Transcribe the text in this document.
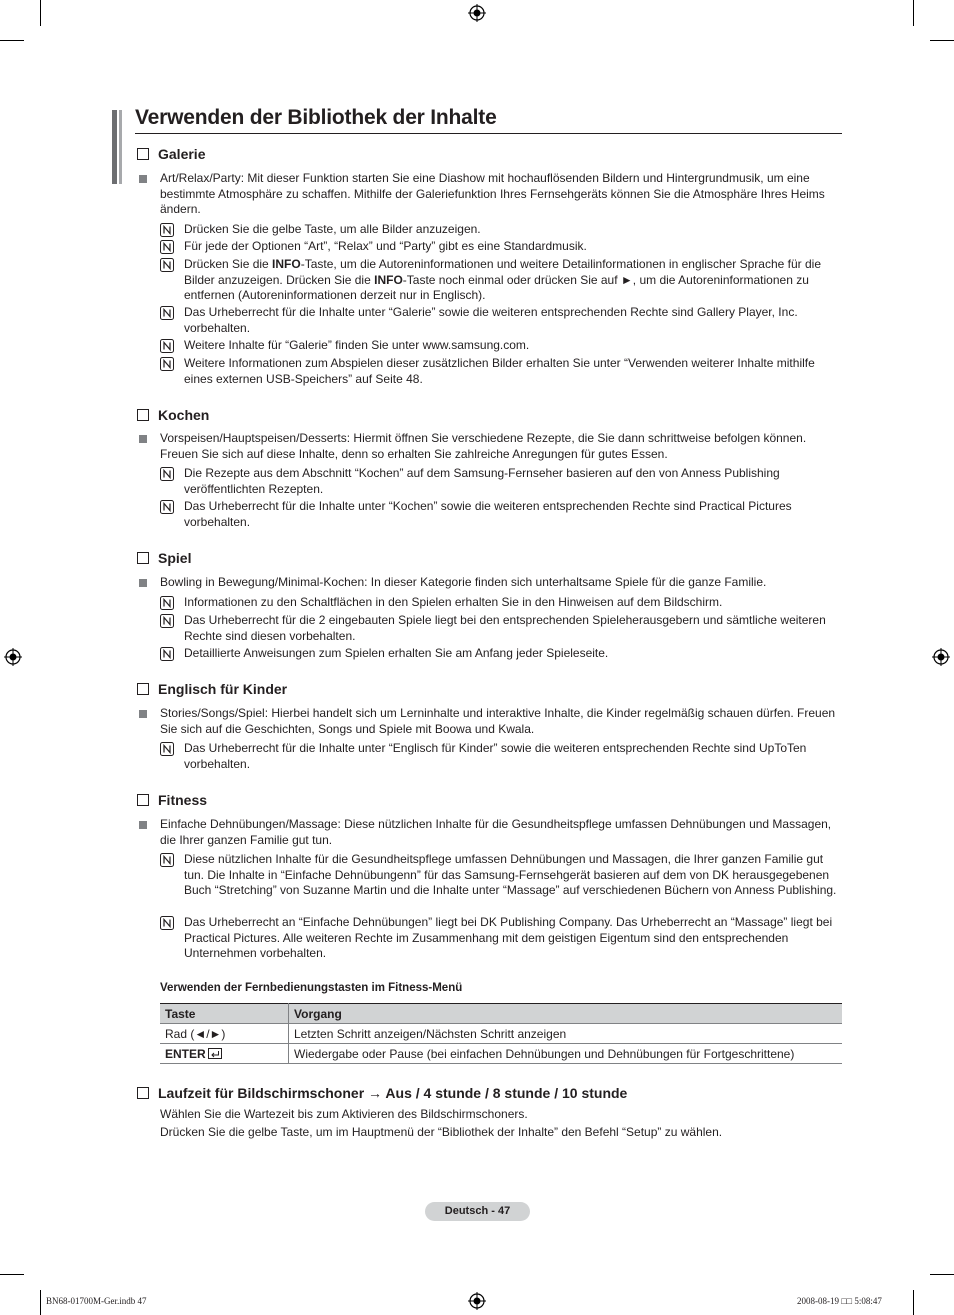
Verwenden der Bibliothek der Inhalte
Galerie
Art/Relax/Party: Mit dieser Funktion starten Sie eine Diashow mit hochauflösenden Bildern und Hintergrundmusik, um eine bestimmte Atmosphäre zu schaffen. Mithilfe der Galeriefunktion Ihres Fernsehgeräts können Sie die Atmosphäre Ihres Heims ändern.
Drücken Sie die gelbe Taste, um alle Bilder anzuzeigen.
Für jede der Optionen “Art”, “Relax” und “Party” gibt es eine Standardmusik.
Drücken Sie die INFO-Taste, um die Autoreninformationen und weitere Detailinformationen in englischer Sprache für die Bilder anzuzeigen. Drücken Sie die INFO-Taste noch einmal oder drücken Sie auf ►, um die Autoreninformationen zu entfernen (Autoreninformationen derzeit nur in Englisch).
Das Urheberrecht für die Inhalte unter “Galerie” sowie die weiteren entsprechenden Rechte sind Gallery Player, Inc. vorbehalten.
Weitere Inhalte für “Galerie” finden Sie unter www.samsung.com.
Weitere Informationen zum Abspielen dieser zusätzlichen Bilder erhalten Sie unter “Verwenden weiterer Inhalte mithilfe eines externen USB-Speichers” auf Seite 48.
Kochen
Vorspeisen/Hauptspeisen/Desserts: Hiermit öffnen Sie verschiedene Rezepte, die Sie dann schrittweise befolgen können. Freuen Sie sich auf diese Inhalte, denn so erhalten Sie zahlreiche Anregungen für gutes Essen.
Die Rezepte aus dem Abschnitt “Kochen” auf dem Samsung-Fernseher basieren auf den von Anness Publishing veröffentlichten Rezepten.
Das Urheberrecht für die Inhalte unter “Kochen” sowie die weiteren entsprechenden Rechte sind Practical Pictures vorbehalten.
Spiel
Bowling in Bewegung/Minimal-Kochen: In dieser Kategorie finden sich unterhaltsame Spiele für die ganze Familie.
Informationen zu den Schaltflächen in den Spielen erhalten Sie in den Hinweisen auf dem Bildschirm.
Das Urheberrecht für die 2 eingebauten Spiele liegt bei den entsprechenden Spieleherausgebern und sämtliche weiteren Rechte sind diesen vorbehalten.
Detaillierte Anweisungen zum Spielen erhalten Sie am Anfang jeder Spieleseite.
Englisch für Kinder
Stories/Songs/Spiel: Hierbei handelt sich um Lerninhalte und interaktive Inhalte, die Kinder regelmäßig schauen dürfen. Freuen Sie sich auf die Geschichten, Songs und Spiele mit Boowa und Kwala.
Das Urheberrecht für die Inhalte unter “Englisch für Kinder” sowie die weiteren entsprechenden Rechte sind UpToTen vorbehalten.
Fitness
Einfache Dehnübungen/Massage: Diese nützlichen Inhalte für die Gesundheitspflege umfassen Dehnübungen und Massagen, die Ihrer ganzen Familie gut tun.
Diese nützlichen Inhalte für die Gesundheitspflege umfassen Dehnübungen und Massagen, die Ihrer ganzen Familie gut tun. Die Inhalte in “Einfache Dehnübungenn” für das Samsung-Fernsehgerät basieren auf dem von DK herausgegebenen Buch “Stretching” von Suzanne Martin und die Inhalte unter “Massage” auf verschiedenen Büchern von Anness Publishing.
Das Urheberrecht an “Einfache Dehnübungen” liegt bei DK Publishing Company. Das Urheberrecht an “Massage” liegt bei Practical Pictures. Alle weiteren Rechte im Zusammenhang mit dem geistigen Eigentum sind den entsprechenden Unternehmen vorbehalten.
Verwenden der Fernbedienungstasten im Fitness-Menü
Taste	Vorgang
Rad (◄/►)	Letzten Schritt anzeigen/Nächsten Schritt anzeigen
ENTER	Wiedergabe oder Pause (bei einfachen Dehnübungen und Dehnübungen für Fortgeschrittene)
Laufzeit für Bildschirmschoner → Aus / 4 stunde / 8 stunde / 10 stunde
Wählen Sie die Wartezeit bis zum Aktivieren des Bildschirmschoners.
Drücken Sie die gelbe Taste, um im Hauptmenü der “Bibliothek der Inhalte” den Befehl “Setup” zu wählen.
Deutsch - 47
BN68-01700M-Ger.indb 47	2008-08-19 □□ 5:08:47
